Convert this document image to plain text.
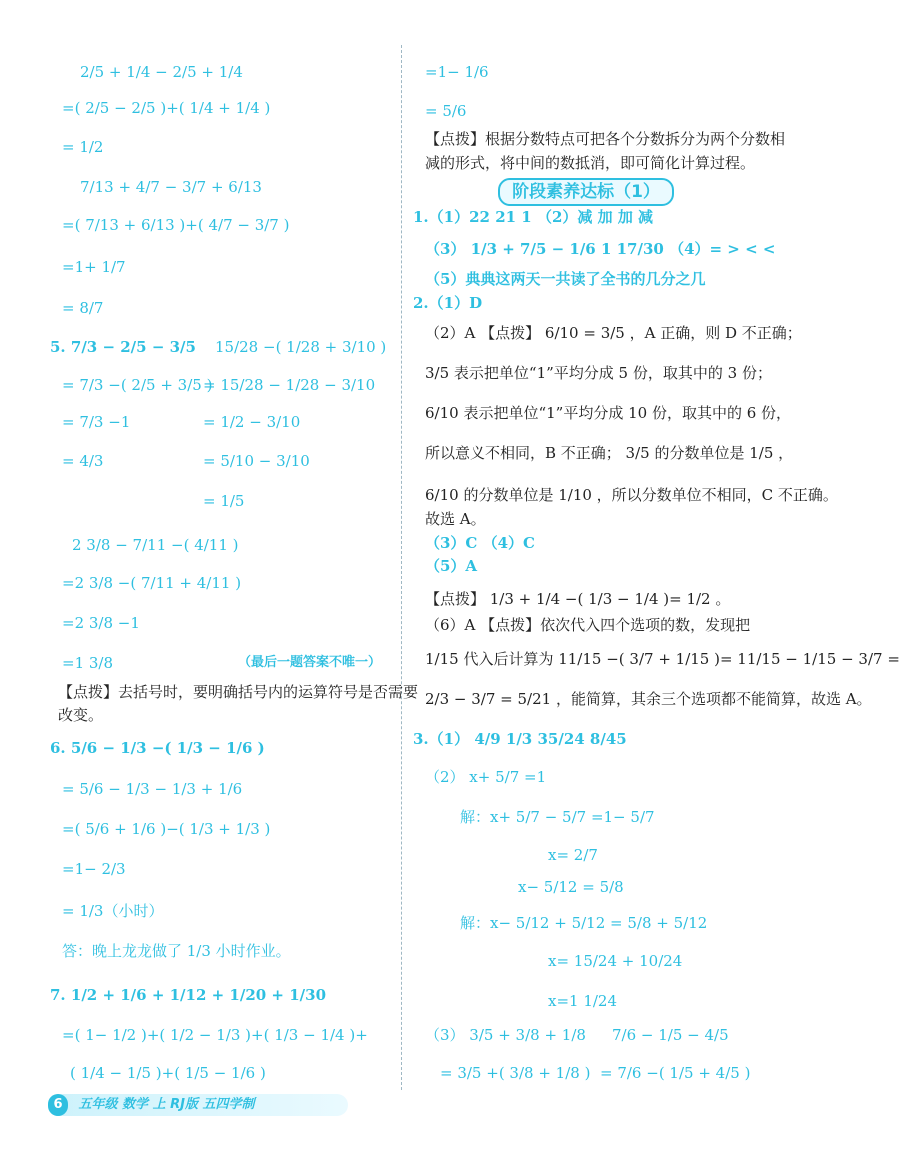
2/5 + 1/4 − 2/5 + 1/4
=( 2/5 − 2/5 )+( 1/4 + 1/4 )
= 1/2
7/13 + 4/7 − 3/7 + 6/13
=( 7/13 + 6/13 )+( 4/7 − 3/7 )
=1+ 1/7
= 8/7
5. 7/3 − 2/5 − 3/5
= 7/3 −( 2/5 + 3/5 )
= 7/3 −1
= 4/3
15/28 −( 1/28 + 3/10 )
= 15/28 − 1/28 − 3/10
= 1/2 − 3/10
= 5/10 − 3/10
= 1/5
2 3/8 − 7/11 −( 4/11 )
=2 3/8 −( 7/11 + 4/11 )
=2 3/8 −1
=1 3/8	（最后一题答案不唯一）
【点拨】去括号时，要明确括号内的运算符号是否需要
改变。
6. 5/6 − 1/3 −( 1/3 − 1/6 )
= 5/6 − 1/3 − 1/3 + 1/6
=( 5/6 + 1/6 )−( 1/3 + 1/3 )
=1− 2/3
= 1/3（小时）
答：晚上龙龙做了 1/3 小时作业。
7. 1/2 + 1/6 + 1/12 + 1/20 + 1/30
=( 1− 1/2 )+( 1/2 − 1/3 )+( 1/3 − 1/4 )+
( 1/4 − 1/5 )+( 1/5 − 1/6 )
=1− 1/6
= 5/6
【点拨】根据分数特点可把各个分数拆分为两个分数相
减的形式，将中间的数抵消，即可简化计算过程。
阶段素养达标（1）
1.（1）22 21 1 （2）减 加 加 减
（3） 1/3 + 7/5 − 1/6 1 17/30 （4）= > < <
（5）典典这两天一共读了全书的几分之几
2.（1）D
（2）A 【点拨】 6/10 = 3/5 ，A 正确，则 D 不正确；
3/5 表示把单位“1”平均分成 5 份，取其中的 3 份；
6/10 表示把单位“1”平均分成 10 份，取其中的 6 份，
所以意义不相同，B 不正确； 3/5 的分数单位是 1/5 ，
6/10 的分数单位是 1/10 ，所以分数单位不相同，C 不正确。
故选 A。
（3）C （4）C
（5）A
【点拨】 1/3 + 1/4 −( 1/3 − 1/4 )= 1/2 。
（6）A 【点拨】依次代入四个选项的数，发现把
1/15 代入后计算为 11/15 −( 3/7 + 1/15 )= 11/15 − 1/15 − 3/7 =
2/3 − 3/7 = 5/21 ，能简算，其余三个选项都不能简算，故选 A。
3.（1） 4/9 1/3 35/24 8/45
（2） x+ 5/7 =1
解：x+ 5/7 − 5/7 =1− 5/7
x= 2/7
x− 5/12 = 5/8
解：x− 5/12 + 5/12 = 5/8 + 5/12
x= 15/24 + 10/24
x=1 1/24
（3） 3/5 + 3/8 + 1/8
= 3/5 +( 3/8 + 1/8 )
7/6 − 1/5 − 4/5
= 7/6 −( 1/5 + 4/5 )
6 五年级 数学 上 RJ版 五四学制
